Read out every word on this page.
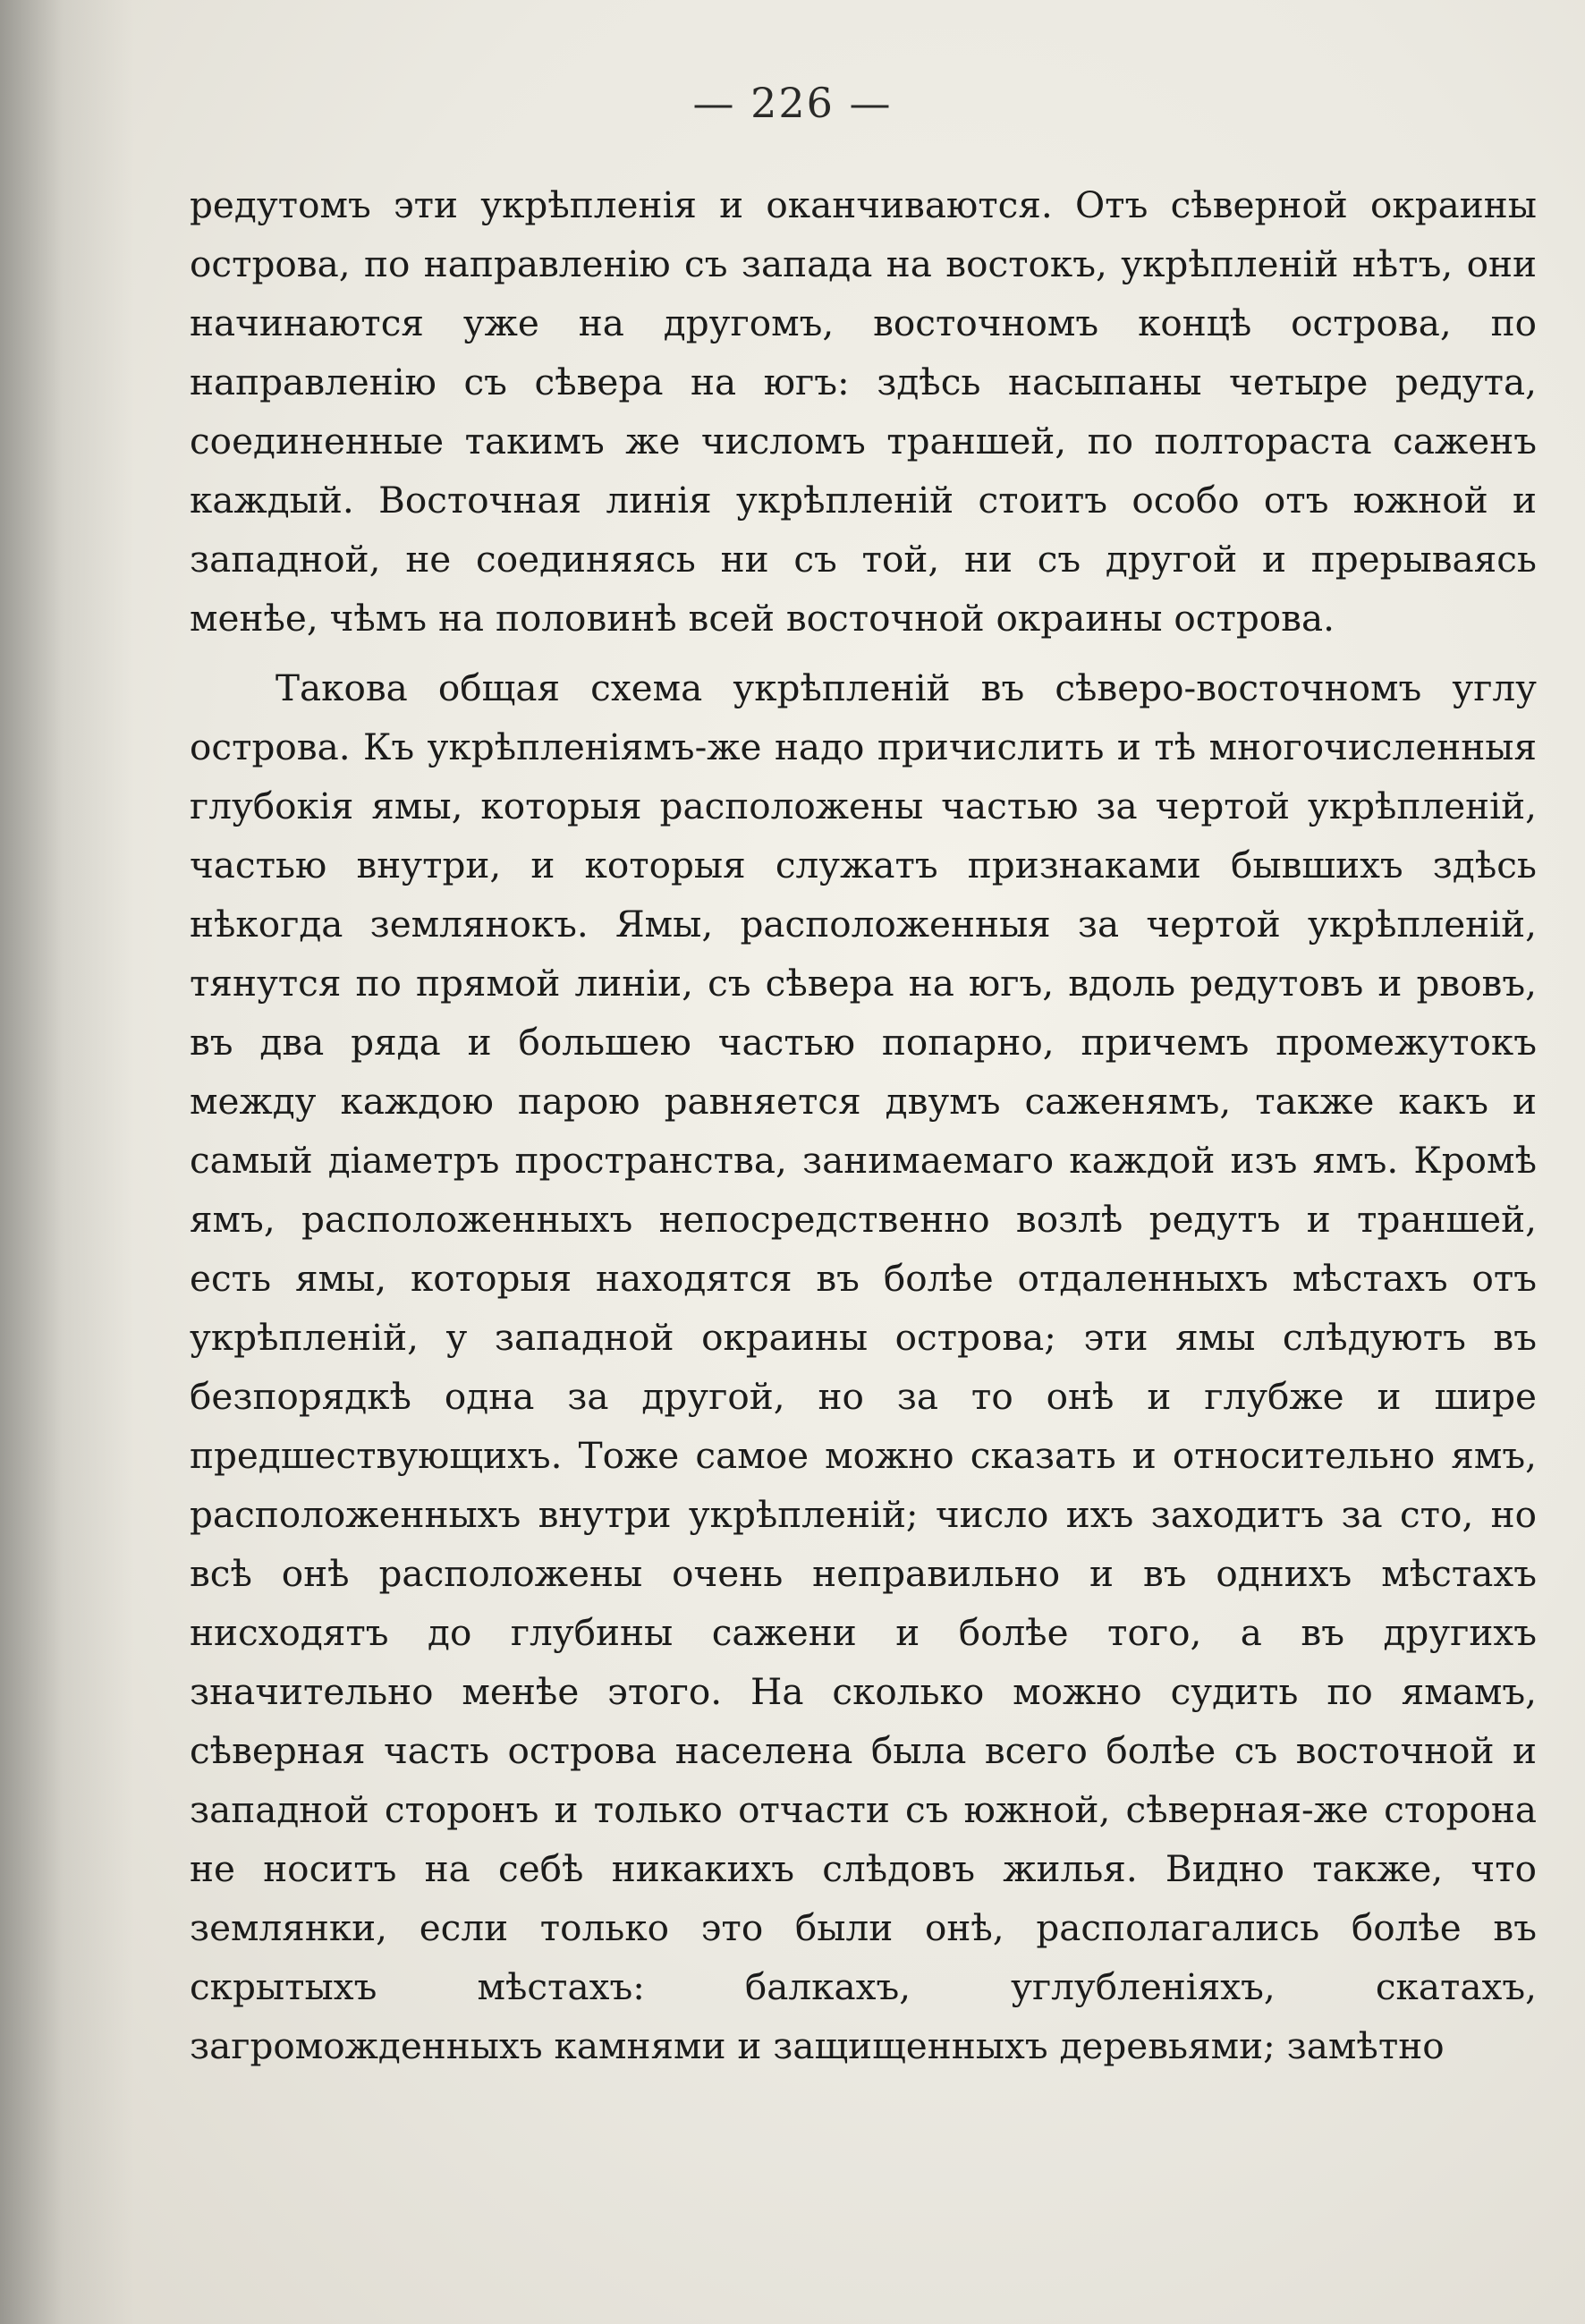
— 226 —

редутомъ эти укрѣпленія и оканчиваются. Отъ сѣверной окраины острова, по направленію съ запада на востокъ, укрѣпленій нѣтъ, они начинаются уже на другомъ, восточномъ концѣ острова, по направленію съ сѣвера на югъ: здѣсь насыпаны четыре редута, соединенные такимъ же числомъ траншей, по полтораста саженъ каждый. Восточная линія укрѣпленій стоитъ особо отъ южной и западной, не соединяясь ни съ той, ни съ другой и прерываясь менѣе, чѣмъ на половинѣ всей восточной окраины острова.

Такова общая схема укрѣпленій въ сѣверо-восточномъ углу острова. Къ укрѣпленіямъ-же надо причислить и тѣ многочисленныя глубокія ямы, которыя расположены частью за чертой укрѣпленій, частью внутри, и которыя служатъ признаками бывшихъ здѣсь нѣкогда землянокъ. Ямы, расположенныя за чертой укрѣпленій, тянутся по прямой линіи, съ сѣвера на югъ, вдоль редутовъ и рвовъ, въ два ряда и большею частью попарно, причемъ промежутокъ между каждою парою равняется двумъ саженямъ, также какъ и самый діаметръ пространства, занимаемаго каждой изъ ямъ. Кромѣ ямъ, расположенныхъ непосредственно возлѣ редутъ и траншей, есть ямы, которыя находятся въ болѣе отдаленныхъ мѣстахъ отъ укрѣпленій, у западной окраины острова; эти ямы слѣдуютъ въ безпорядкѣ одна за другой, но за то онѣ и глубже и шире предшествующихъ. Тоже самое можно сказать и относительно ямъ, расположенныхъ внутри укрѣпленій; число ихъ заходитъ за сто, но всѣ онѣ расположены очень неправильно и въ однихъ мѣстахъ нисходятъ до глубины сажени и болѣе того, а въ другихъ значительно менѣе этого. На сколько можно судить по ямамъ, сѣверная часть острова населена была всего болѣе съ восточной и западной сторонъ и только отчасти съ южной, сѣверная-же сторона не носитъ на себѣ никакихъ слѣдовъ жилья. Видно также, что землянки, если только это были онѣ, располагались болѣе въ скрытыхъ мѣстахъ: балкахъ, углубленіяхъ, скатахъ, загроможденныхъ камнями и защищенныхъ деревьями; замѣтно
